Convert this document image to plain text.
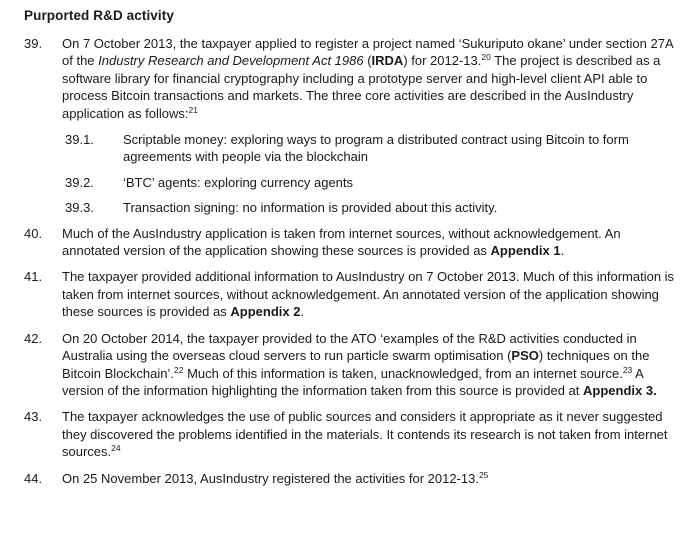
Purported R&D activity
39.	On 7 October 2013, the taxpayer applied to register a project named ‘Sukuriputo okane’ under section 27A of the Industry Research and Development Act 1986 (IRDA) for 2012-13.20 The project is described as a software library for financial cryptography including a prototype server and high-level client API able to process Bitcoin transactions and markets. The three core activities are described in the AusIndustry application as follows:$^{21}$
39.1.	Scriptable money: exploring ways to program a distributed contract using Bitcoin to form agreements with people via the blockchain
39.2.	‘BTC’ agents: exploring currency agents
39.3.	Transaction signing: no information is provided about this activity.
40.	Much of the AusIndustry application is taken from internet sources, without acknowledgement. An annotated version of the application showing these sources is provided as Appendix 1.
41.	The taxpayer provided additional information to AusIndustry on 7 October 2013. Much of this information is taken from internet sources, without acknowledgement. An annotated version of the application showing these sources is provided as Appendix 2.
42.	On 20 October 2014, the taxpayer provided to the ATO ‘examples of the R&D activities conducted in Australia using the overseas cloud servers to run particle swarm optimisation (PSO) techniques on the Bitcoin Blockchain’.$^{22}$ Much of this information is taken, unacknowledged, from an internet source.$^{23}$ A version of the information highlighting the information taken from this source is provided at Appendix 3.
43.	The taxpayer acknowledges the use of public sources and considers it appropriate as it never suggested they discovered the problems identified in the materials. It contends its research is not taken from internet sources.$^{24}$
44.	On 25 November 2013, AusIndustry registered the activities for 2012-13.25
